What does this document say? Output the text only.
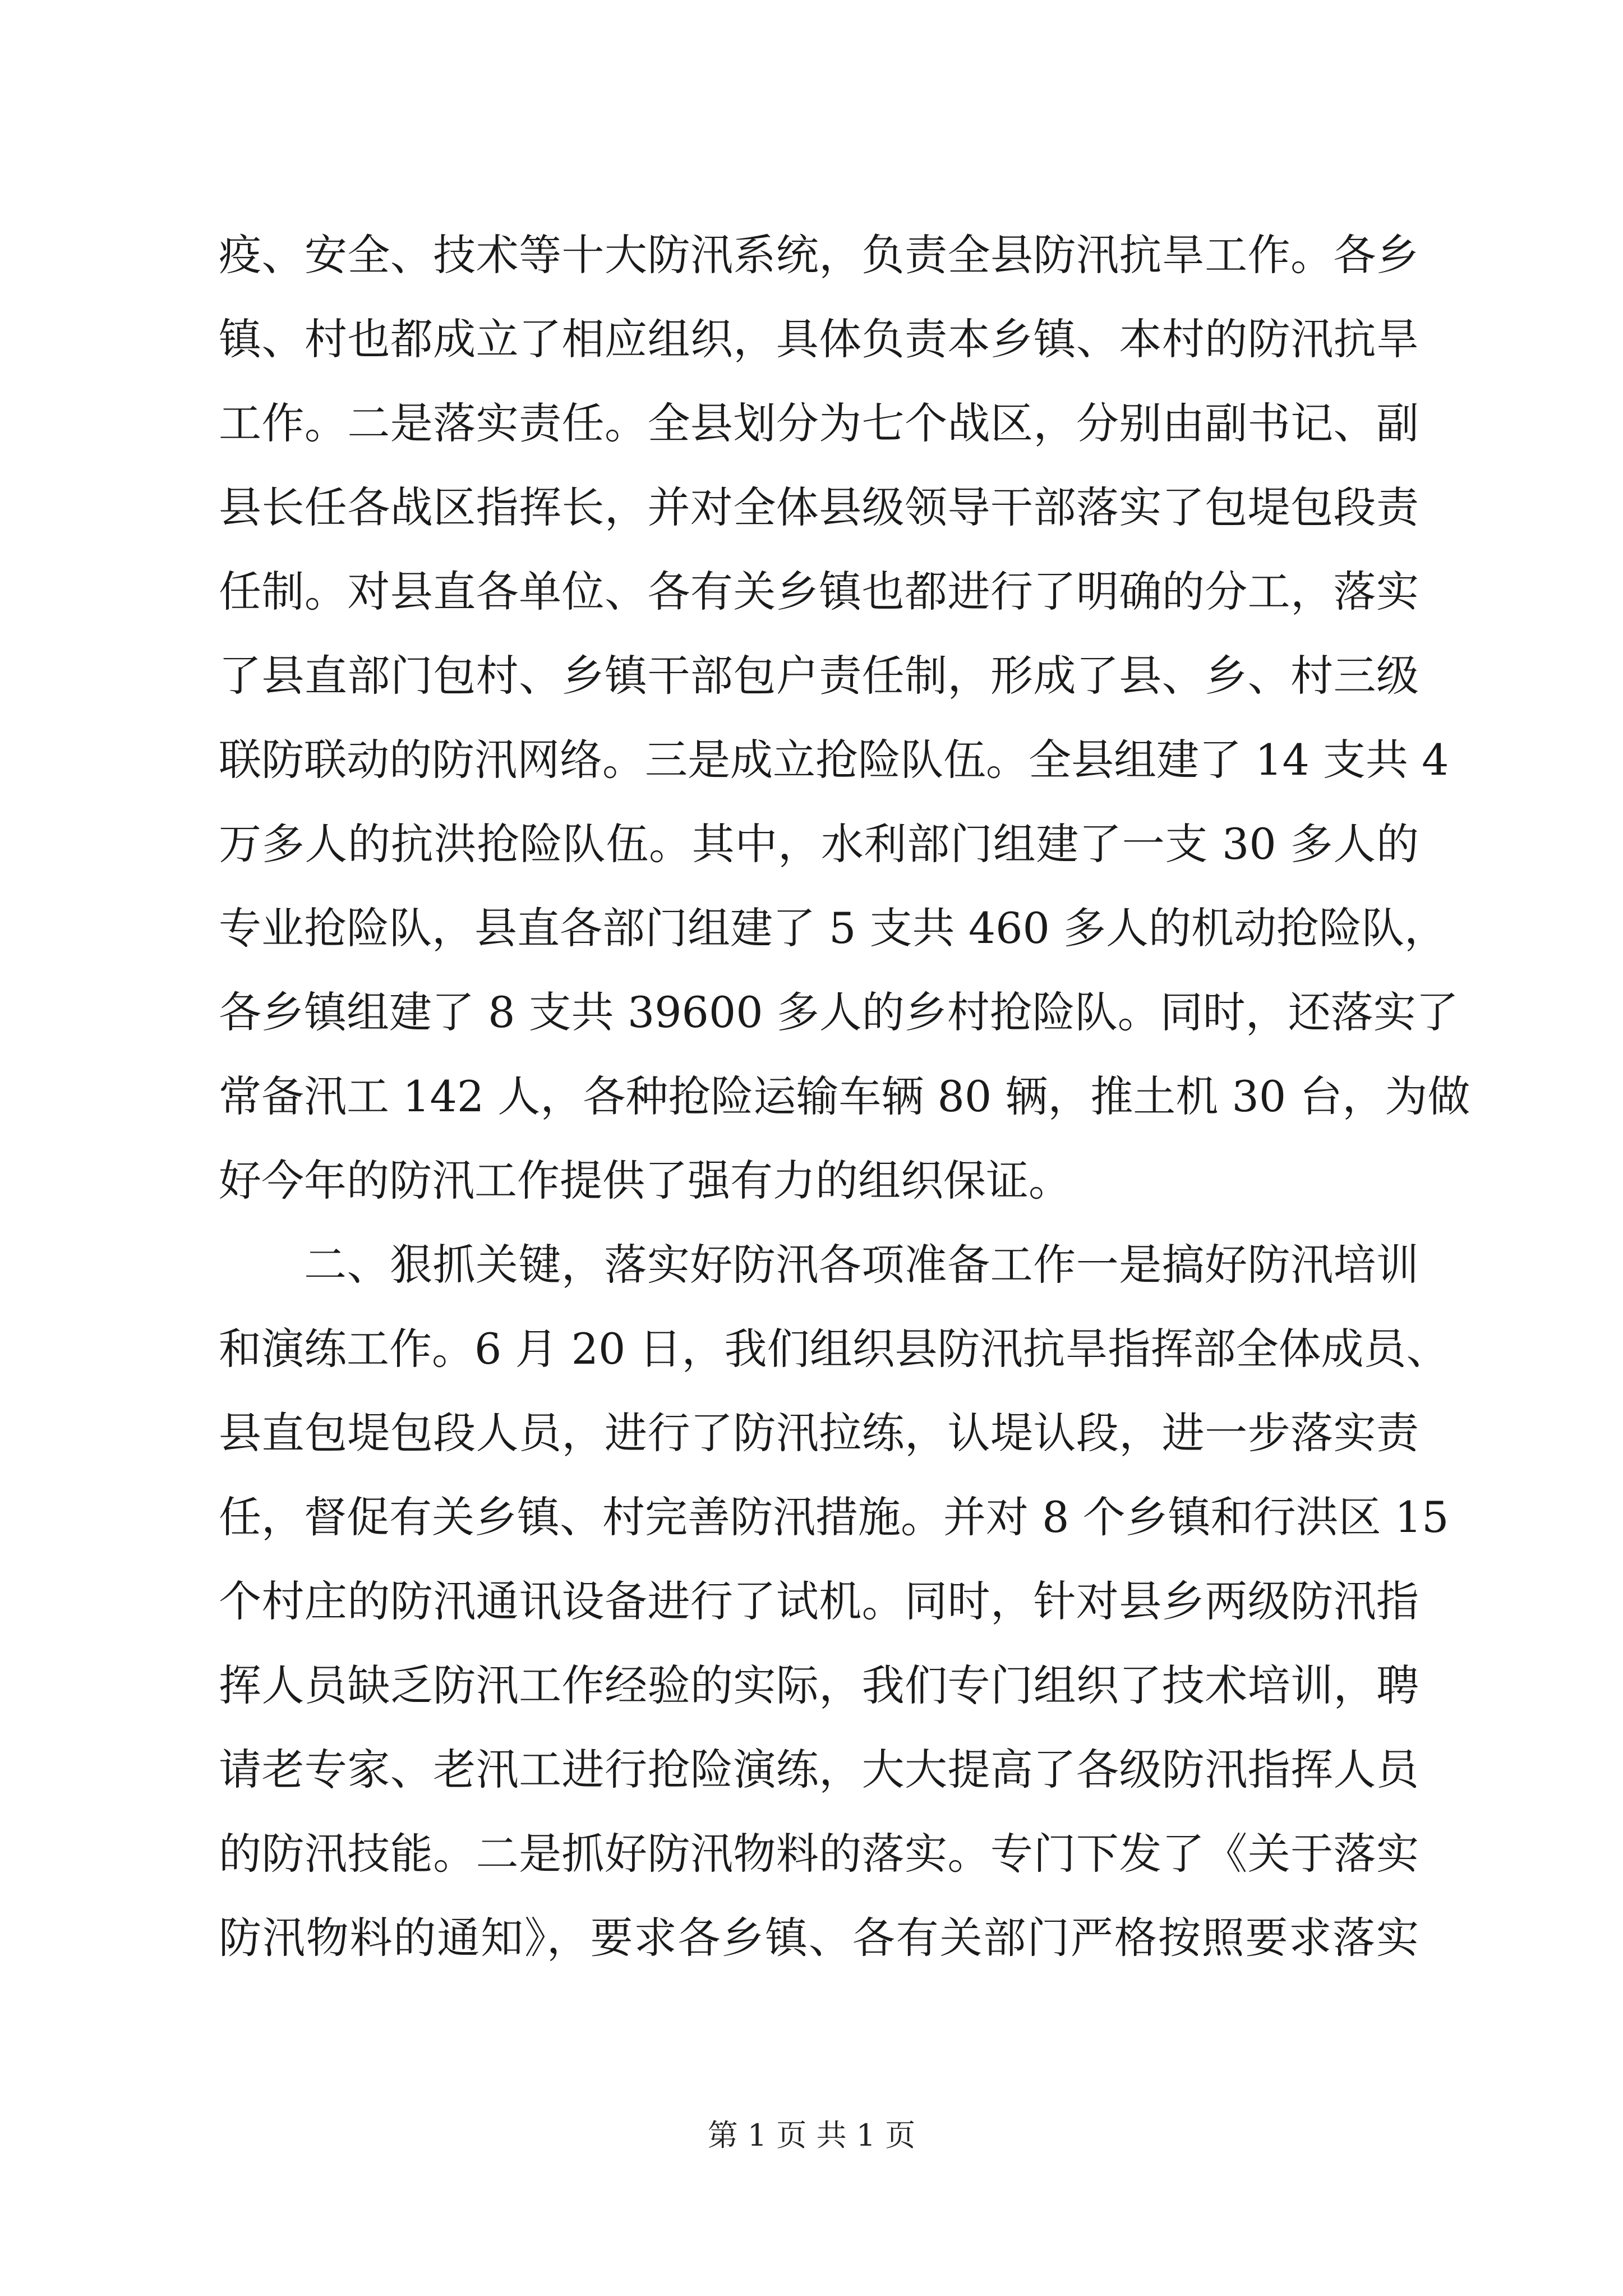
疫、安全、技术等十大防汛系统，负责全县防汛抗旱工作。各乡
镇、村也都成立了相应组织，具体负责本乡镇、本村的防汛抗旱
工作。二是落实责任。全县划分为七个战区，分别由副书记、副
县长任各战区指挥长，并对全体县级领导干部落实了包堤包段责
任制。对县直各单位、各有关乡镇也都进行了明确的分工，落实
了县直部门包村、乡镇干部包户责任制，形成了县、乡、村三级
联防联动的防汛网络。三是成立抢险队伍。全县组建了 14 支共 4
万多人的抗洪抢险队伍。其中，水利部门组建了一支 30 多人的
专业抢险队，县直各部门组建了 5 支共 460 多人的机动抢险队，
各乡镇组建了 8 支共 39600 多人的乡村抢险队。同时，还落实了
常备汛工 142 人，各种抢险运输车辆 80 辆，推土机 30 台，为做
好今年的防汛工作提供了强有力的组织保证。
二、狠抓关键，落实好防汛各项准备工作一是搞好防汛培训
和演练工作。6 月 20 日，我们组织县防汛抗旱指挥部全体成员、
县直包堤包段人员，进行了防汛拉练，认堤认段，进一步落实责
任，督促有关乡镇、村完善防汛措施。并对 8 个乡镇和行洪区 15
个村庄的防汛通讯设备进行了试机。同时，针对县乡两级防汛指
挥人员缺乏防汛工作经验的实际，我们专门组织了技术培训，聘
请老专家、老汛工进行抢险演练，大大提高了各级防汛指挥人员
的防汛技能。二是抓好防汛物料的落实。专门下发了《关于落实
防汛物料的通知》，要求各乡镇、各有关部门严格按照要求落实
第 1 页 共 1 页
